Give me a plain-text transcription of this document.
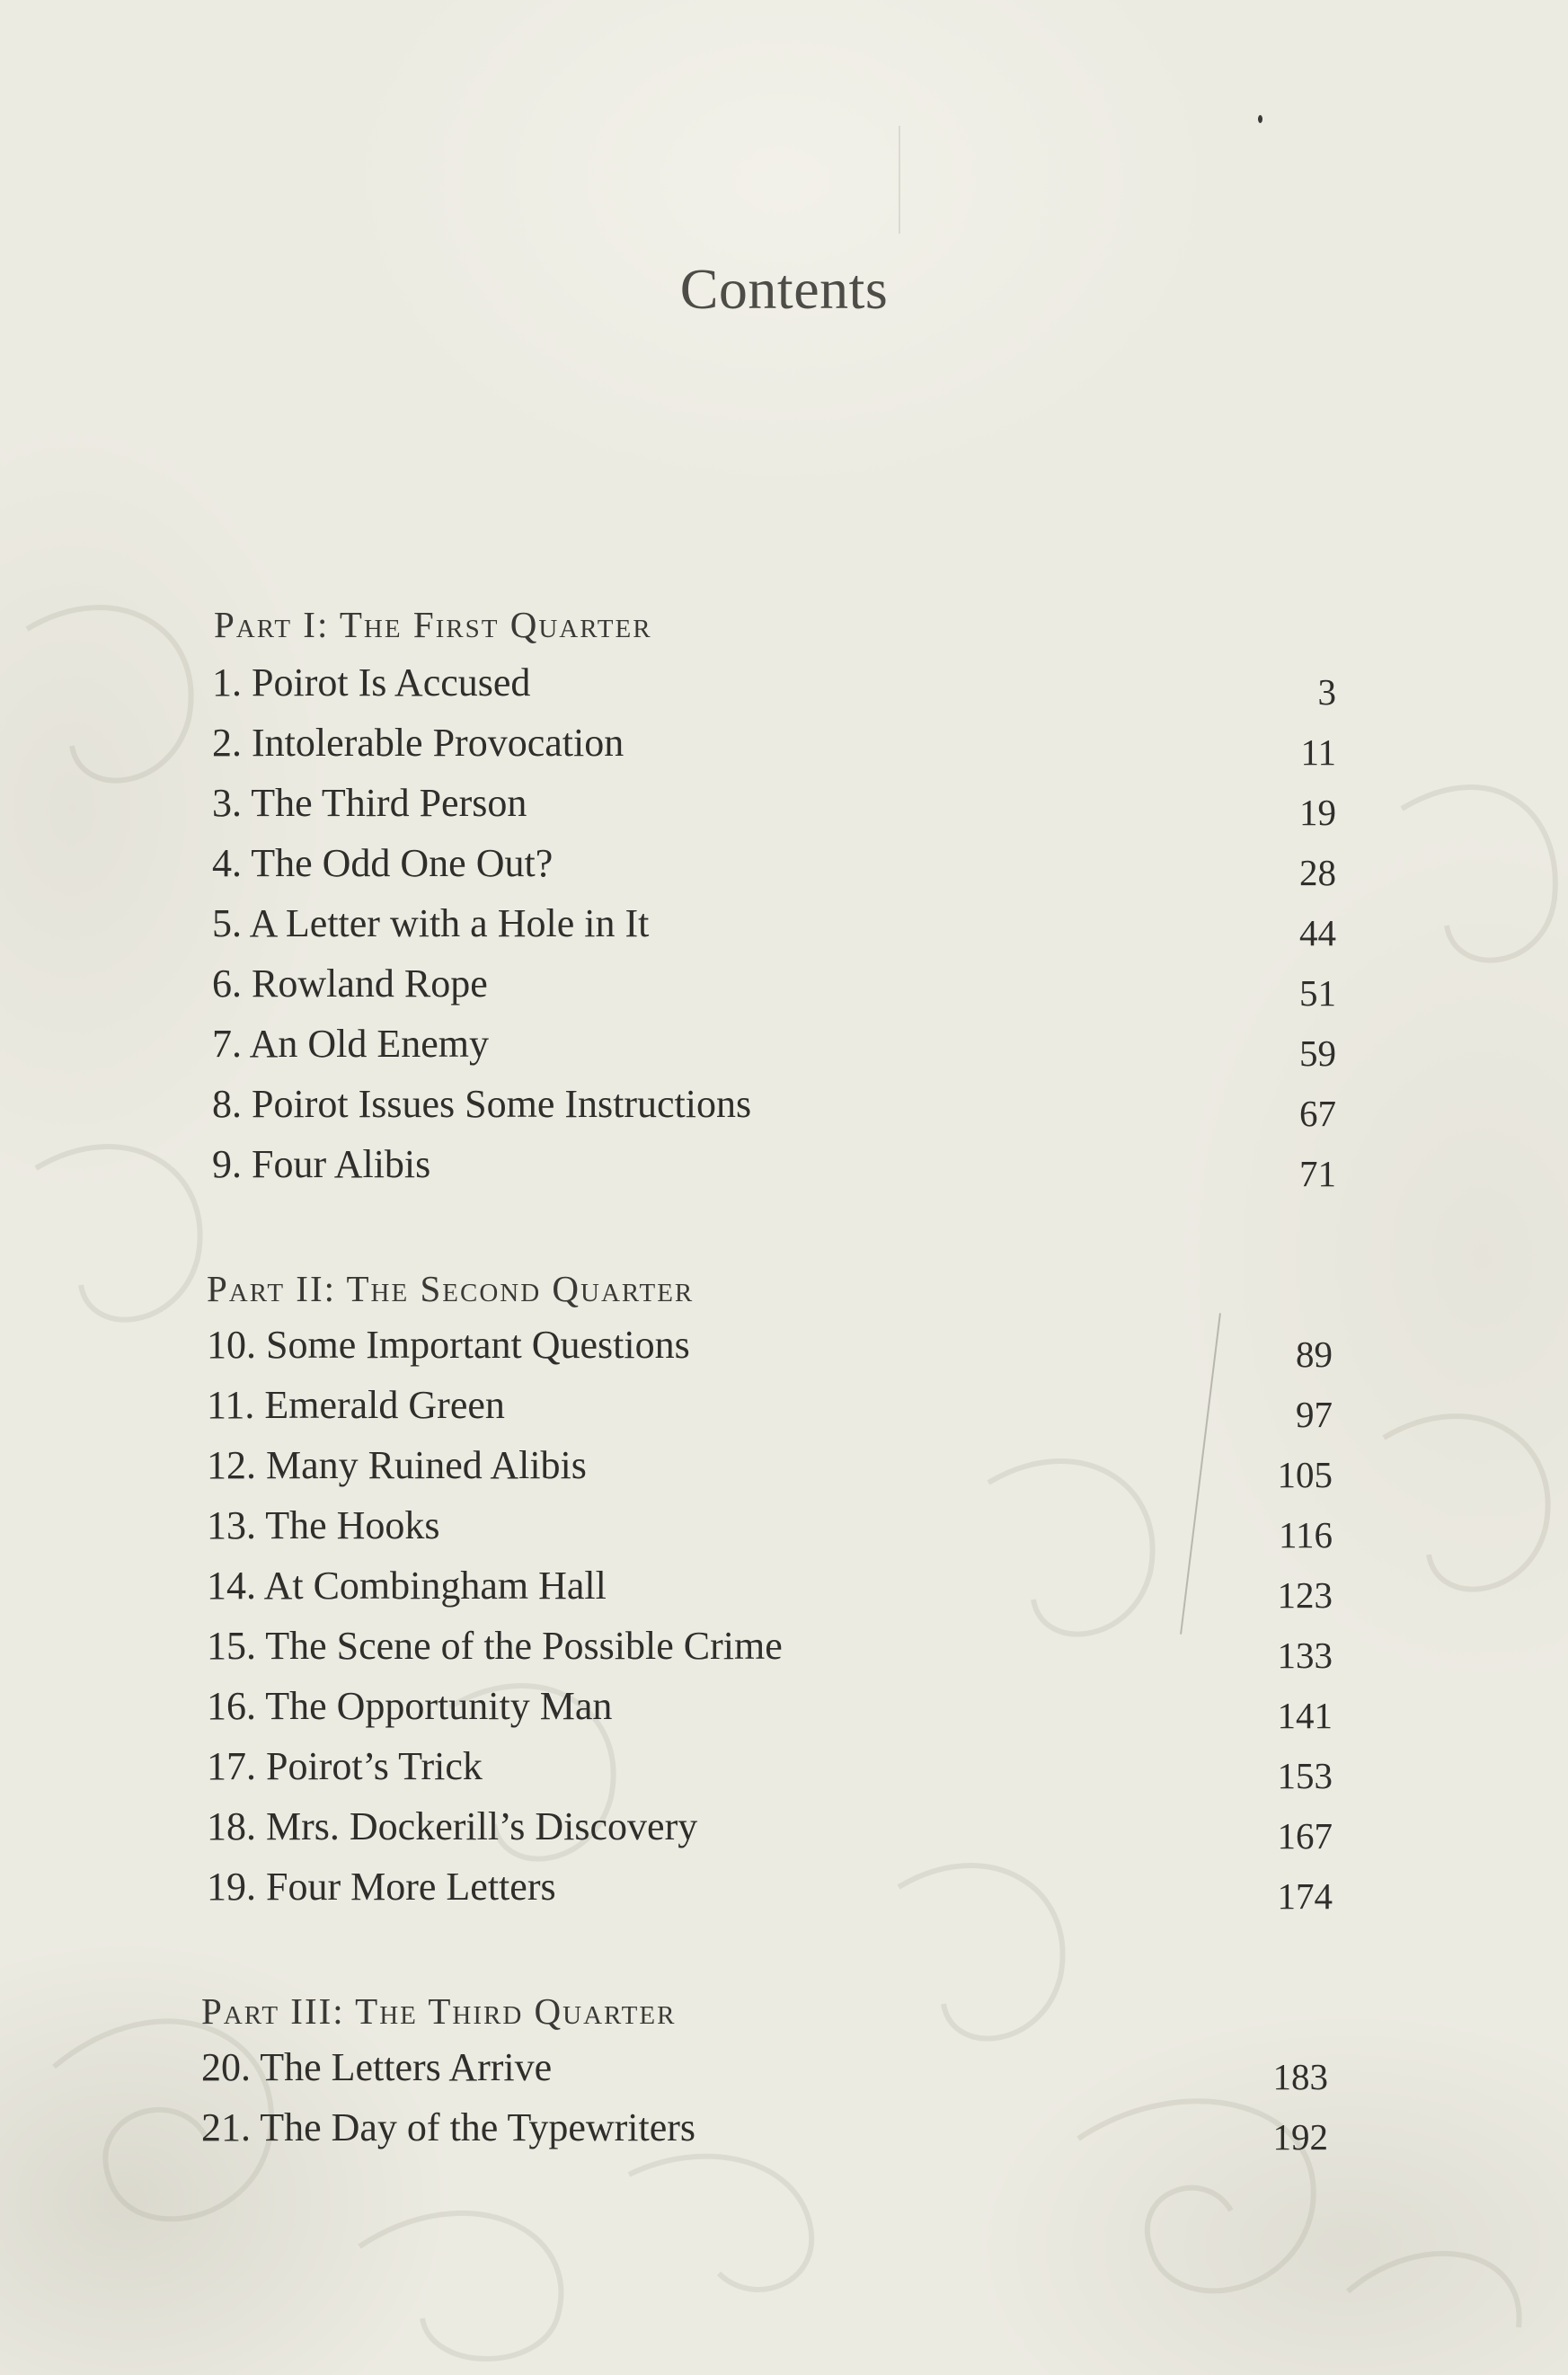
Contents
Part I: The First Quarter
1. Poirot Is Accused	3
2. Intolerable Provocation	11
3. The Third Person	19
4. The Odd One Out?	28
5. A Letter with a Hole in It	44
6. Rowland Rope	51
7. An Old Enemy	59
8. Poirot Issues Some Instructions	67
9. Four Alibis	71
Part II: The Second Quarter
10. Some Important Questions	89
11. Emerald Green	97
12. Many Ruined Alibis	105
13. The Hooks	116
14. At Combingham Hall	123
15. The Scene of the Possible Crime	133
16. The Opportunity Man	141
17. Poirot’s Trick	153
18. Mrs. Dockerill’s Discovery	167
19. Four More Letters	174
Part III: The Third Quarter
20. The Letters Arrive	183
21. The Day of the Typewriters	192
